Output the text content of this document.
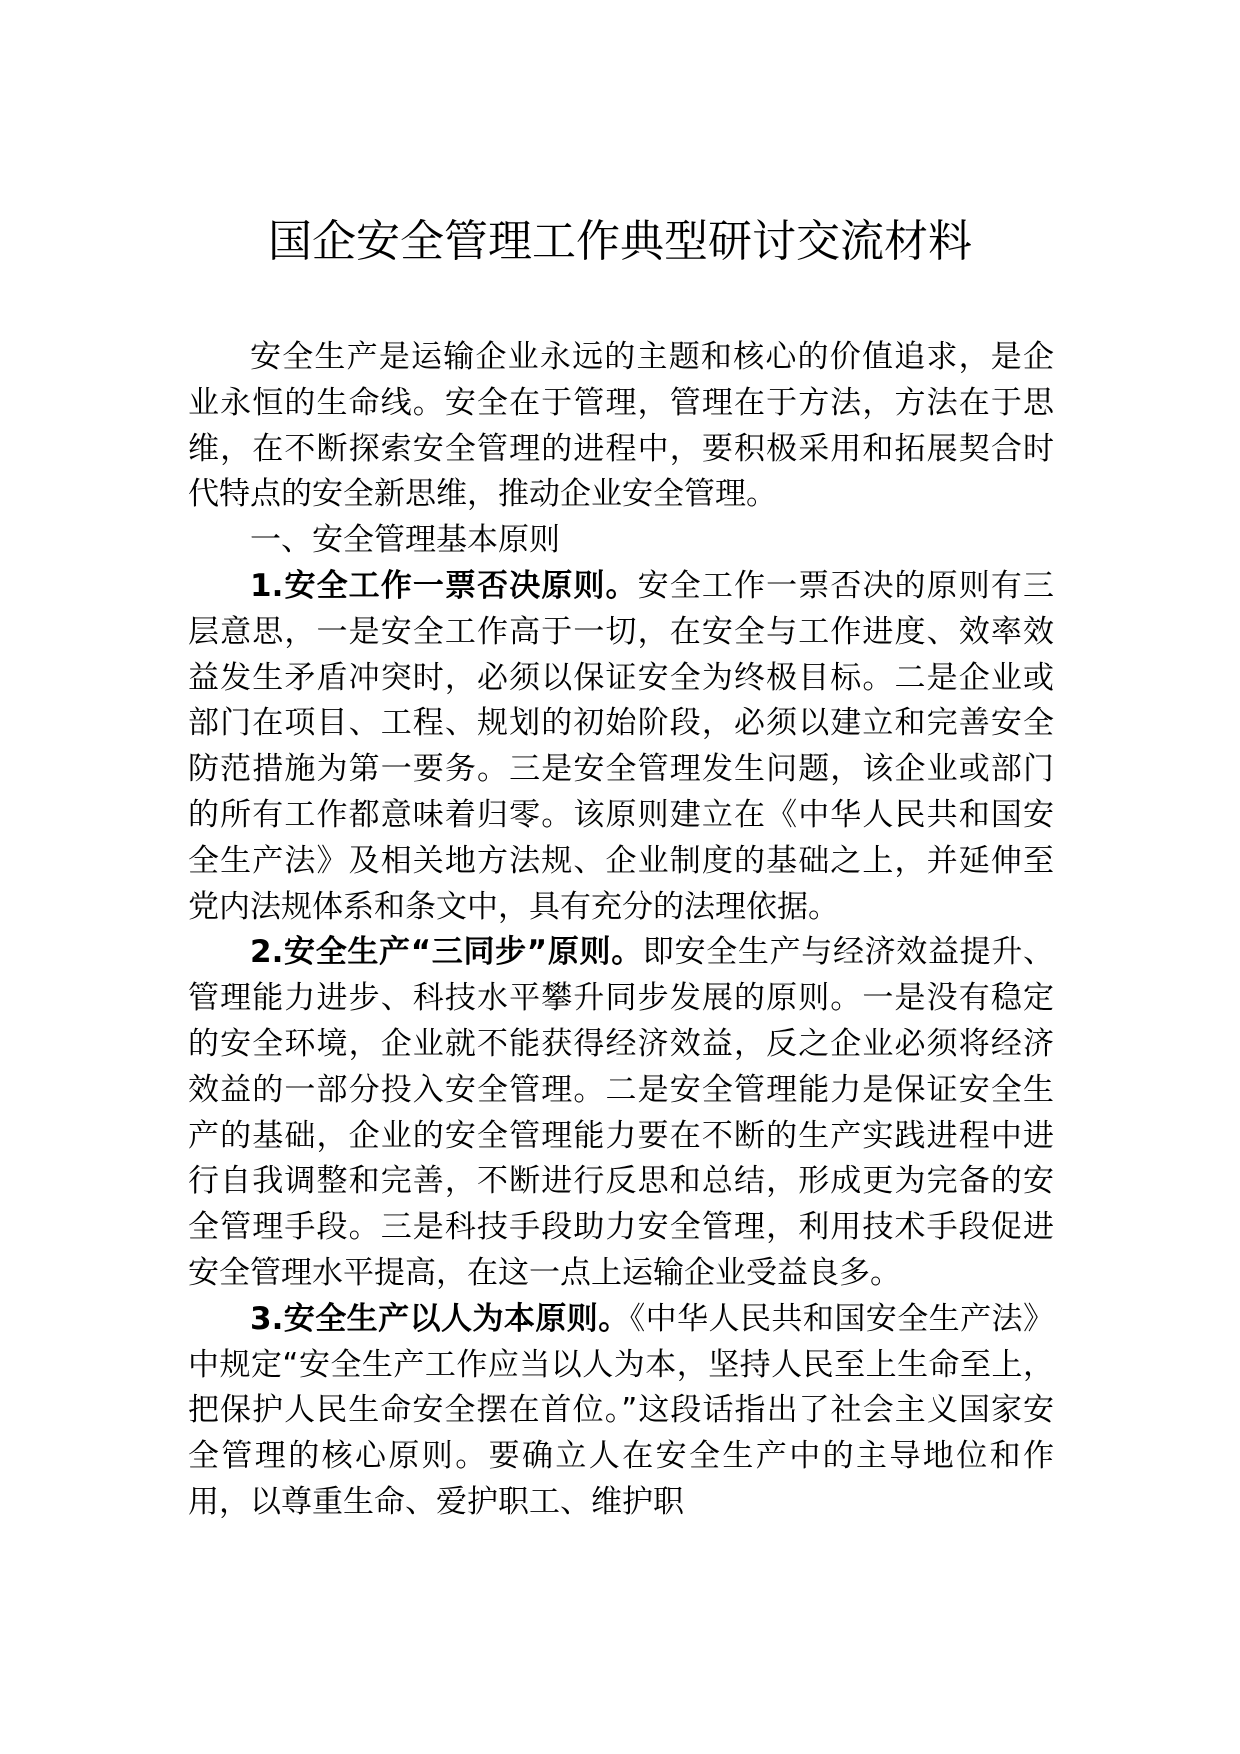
国企安全管理工作典型研讨交流材料

安全生产是运输企业永远的主题和核心的价值追求，是企业永恒的生命线。安全在于管理，管理在于方法，方法在于思维，在不断探索安全管理的进程中，要积极采用和拓展契合时代特点的安全新思维，推动企业安全管理。

一、安全管理基本原则

1.安全工作一票否决原则。安全工作一票否决的原则有三层意思，一是安全工作高于一切，在安全与工作进度、效率效益发生矛盾冲突时，必须以保证安全为终极目标。二是企业或部门在项目、工程、规划的初始阶段，必须以建立和完善安全防范措施为第一要务。三是安全管理发生问题，该企业或部门的所有工作都意味着归零。该原则建立在《中华人民共和国安全生产法》及相关地方法规、企业制度的基础之上，并延伸至党内法规体系和条文中，具有充分的法理依据。

2.安全生产“三同步”原则。即安全生产与经济效益提升、管理能力进步、科技水平攀升同步发展的原则。一是没有稳定的安全环境，企业就不能获得经济效益，反之企业必须将经济效益的一部分投入安全管理。二是安全管理能力是保证安全生产的基础，企业的安全管理能力要在不断的生产实践进程中进行自我调整和完善，不断进行反思和总结，形成更为完备的安全管理手段。三是科技手段助力安全管理，利用技术手段促进安全管理水平提高，在这一点上运输企业受益良多。

3.安全生产以人为本原则。《中华人民共和国安全生产法》中规定“安全生产工作应当以人为本，坚持人民至上生命至上，把保护人民生命安全摆在首位。”这段话指出了社会主义国家安全管理的核心原则。要确立人在安全生产中的主导地位和作用，以尊重生命、爱护职工、维护职
